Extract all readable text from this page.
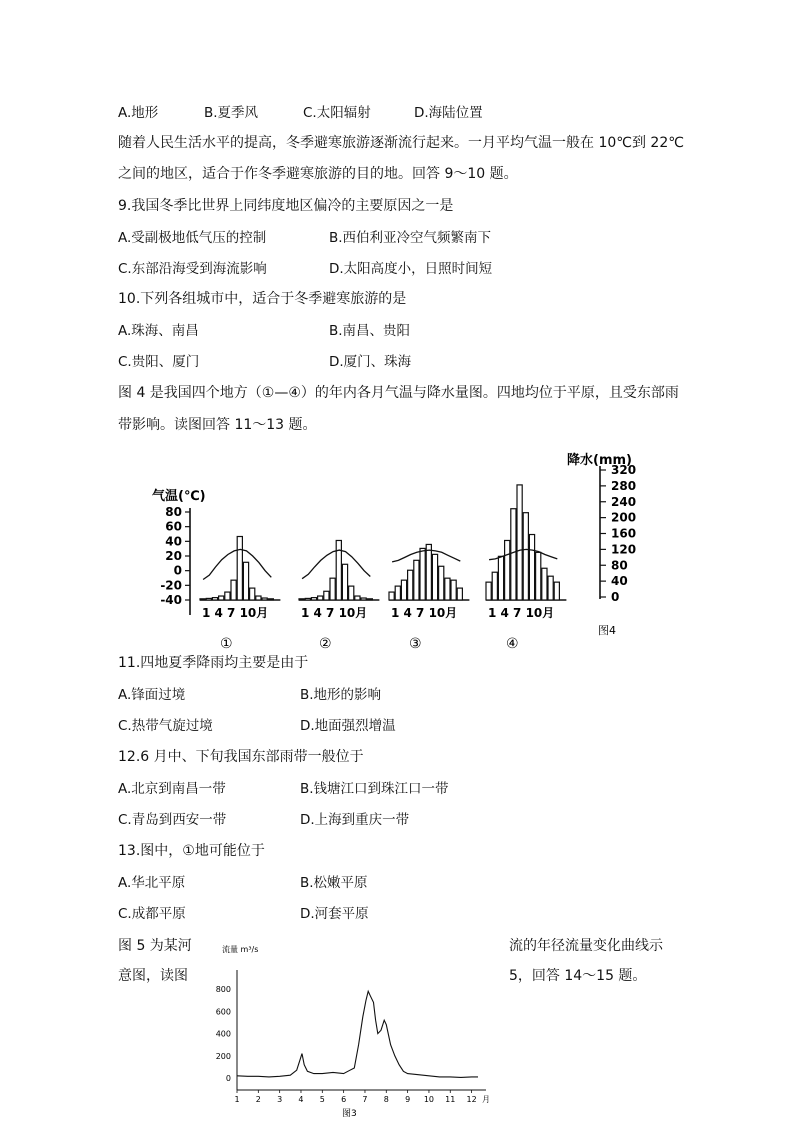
A.地形	B.夏季风	C.太阳辐射	D.海陆位置
随着人民生活水平的提高，冬季避寒旅游逐渐流行起来。一月平均气温一般在 10℃到 22℃
之间的地区，适合于作冬季避寒旅游的目的地。回答 9～10 题。
9.我国冬季比世界上同纬度地区偏冷的主要原因之一是
A.受副极地低气压的控制	B.西伯利亚冷空气频繁南下
C.东部沿海受到海流影响	D.太阳高度小，日照时间短
10.下列各组城市中，适合于冬季避寒旅游的是
A.珠海、南昌	B.南昌、贵阳
C.贵阳、厦门	D.厦门、珠海
图 4 是我国四个地方（①—④）的年内各月气温与降水量图。四地均位于平原，且受东部雨
带影响。读图回答 11～13 题。
气温(℃)
降水(mm)
80
60
40
20
0
-20
-40
320
280
240
200
160
120
80
40
0
1 4 7 10月
①
1 4 7 10月
②
1 4 7 10月
③
1 4 7 10月
④
图4
11.四地夏季降雨均主要是由于
A.锋面过境	B.地形的影响
C.热带气旋过境	D.地面强烈增温
12.6 月中、下旬我国东部雨带一般位于
A.北京到南昌一带	B.钱塘江口到珠江口一带
C.青岛到西安一带	D.上海到重庆一带
13.图中，①地可能位于
A.华北平原	B.松嫩平原
C.成都平原	D.河套平原
图 5 为某河	流的年径流量变化曲线示
意图，读图	5，回答 14～15 题。
流量 m³/s
800
600
400
200
0
1 2 3 4 5 6 7 8 9 10 11 12 月
图3
